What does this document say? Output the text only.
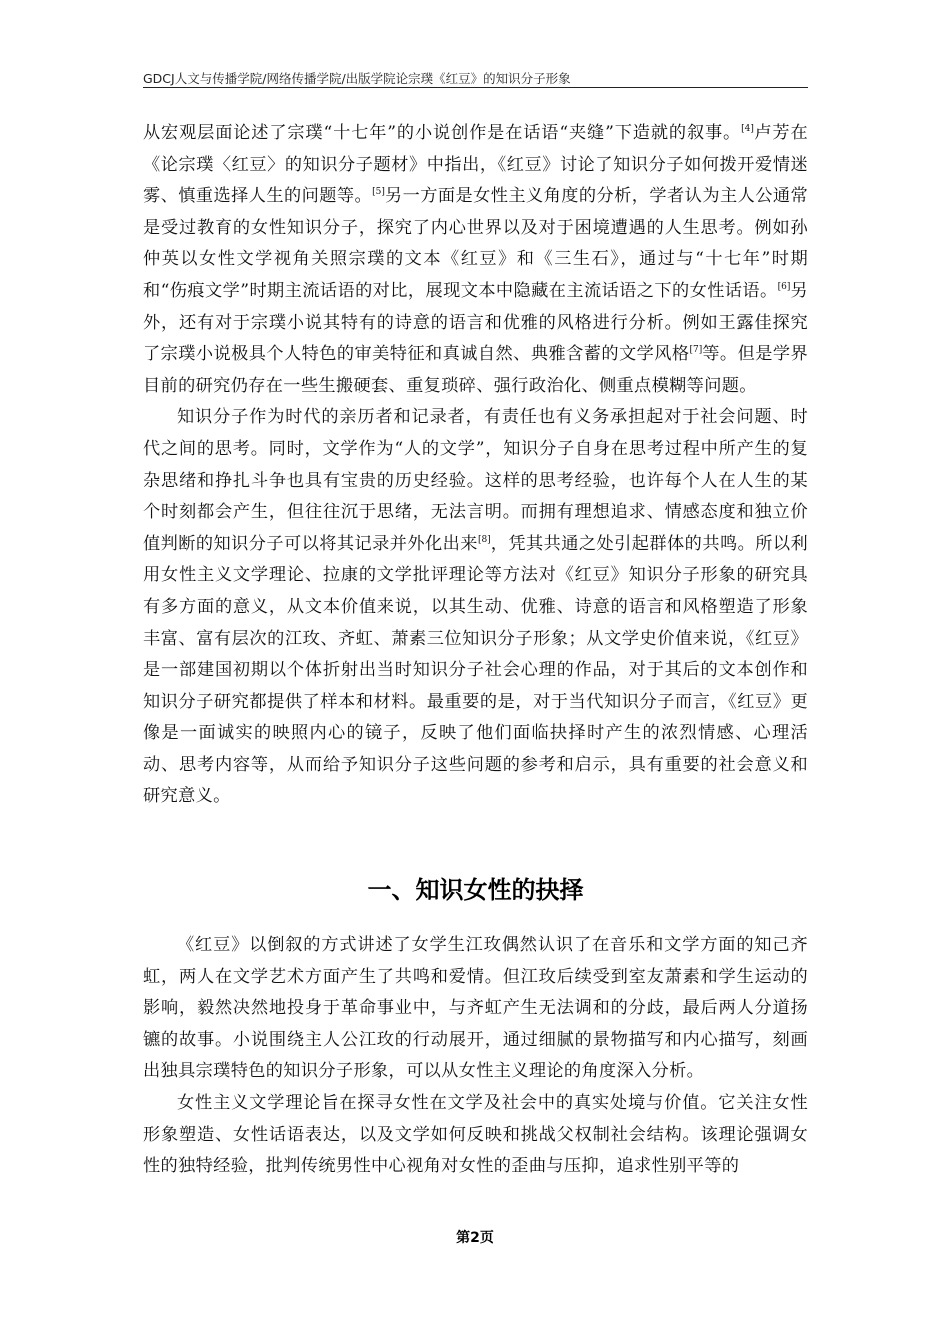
GDCJ人文与传播学院/网络传播学院/出版学院论宗璞《红豆》的知识分子形象

从宏观层面论述了宗璞“十七年”的小说创作是在话语“夹缝”下造就的叙事。[4]卢芳在《论宗璞〈红豆〉的知识分子题材》中指出，《红豆》讨论了知识分子如何拨开爱情迷雾、慎重选择人生的问题等。[5]另一方面是女性主义角度的分析，学者认为主人公通常是受过教育的女性知识分子，探究了内心世界以及对于困境遭遇的人生思考。例如孙仲英以女性文学视角关照宗璞的文本《红豆》和《三生石》，通过与“十七年”时期和“伤痕文学”时期主流话语的对比，展现文本中隐藏在主流话语之下的女性话语。[6]另外，还有对于宗璞小说其特有的诗意的语言和优雅的风格进行分析。例如王露佳探究了宗璞小说极具个人特色的审美特征和真诚自然、典雅含蓄的文学风格[7]等。但是学界目前的研究仍存在一些生搬硬套、重复琐碎、强行政治化、侧重点模糊等问题。

知识分子作为时代的亲历者和记录者，有责任也有义务承担起对于社会问题、时代之间的思考。同时，文学作为“人的文学”，知识分子自身在思考过程中所产生的复杂思绪和挣扎斗争也具有宝贵的历史经验。这样的思考经验，也许每个人在人生的某个时刻都会产生，但往往沉于思绪，无法言明。而拥有理想追求、情感态度和独立价值判断的知识分子可以将其记录并外化出来[8]，凭其共通之处引起群体的共鸣。所以利用女性主义文学理论、拉康的文学批评理论等方法对《红豆》知识分子形象的研究具有多方面的意义，从文本价值来说，以其生动、优雅、诗意的语言和风格塑造了形象丰富、富有层次的江玫、齐虹、萧素三位知识分子形象；从文学史价值来说，《红豆》是一部建国初期以个体折射出当时知识分子社会心理的作品，对于其后的文本创作和知识分子研究都提供了样本和材料。最重要的是，对于当代知识分子而言，《红豆》更像是一面诚实的映照内心的镜子，反映了他们面临抉择时产生的浓烈情感、心理活动、思考内容等，从而给予知识分子这些问题的参考和启示，具有重要的社会意义和研究意义。

一、知识女性的抉择

《红豆》以倒叙的方式讲述了女学生江玫偶然认识了在音乐和文学方面的知己齐虹，两人在文学艺术方面产生了共鸣和爱情。但江玫后续受到室友萧素和学生运动的影响，毅然决然地投身于革命事业中，与齐虹产生无法调和的分歧，最后两人分道扬镳的故事。小说围绕主人公江玫的行动展开，通过细腻的景物描写和内心描写，刻画出独具宗璞特色的知识分子形象，可以从女性主义理论的角度深入分析。

女性主义文学理论旨在探寻女性在文学及社会中的真实处境与价值。它关注女性形象塑造、女性话语表达，以及文学如何反映和挑战父权制社会结构。该理论强调女性的独特经验，批判传统男性中心视角对女性的歪曲与压抑，追求性别平等的

第2页
